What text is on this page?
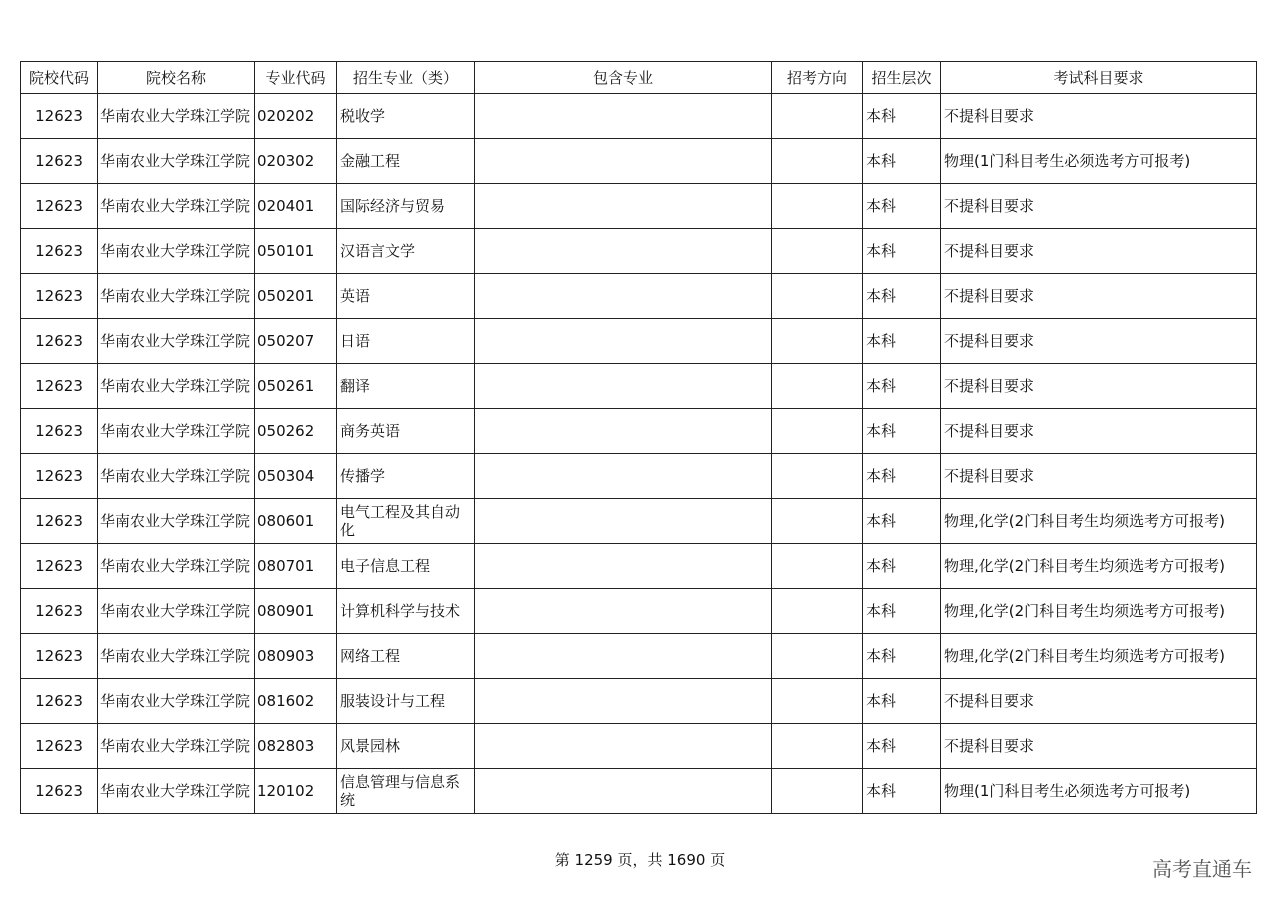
院校代码	院校名称	专业代码	招生专业（类）	包含专业	招考方向	招生层次	考试科目要求
12623	华南农业大学珠江学院	020202	税收学			本科	不提科目要求
12623	华南农业大学珠江学院	020302	金融工程			本科	物理(1门科目考生必须选考方可报考)
12623	华南农业大学珠江学院	020401	国际经济与贸易			本科	不提科目要求
12623	华南农业大学珠江学院	050101	汉语言文学			本科	不提科目要求
12623	华南农业大学珠江学院	050201	英语			本科	不提科目要求
12623	华南农业大学珠江学院	050207	日语			本科	不提科目要求
12623	华南农业大学珠江学院	050261	翻译			本科	不提科目要求
12623	华南农业大学珠江学院	050262	商务英语			本科	不提科目要求
12623	华南农业大学珠江学院	050304	传播学			本科	不提科目要求
12623	华南农业大学珠江学院	080601	电气工程及其自动化			本科	物理,化学(2门科目考生均须选考方可报考)
12623	华南农业大学珠江学院	080701	电子信息工程			本科	物理,化学(2门科目考生均须选考方可报考)
12623	华南农业大学珠江学院	080901	计算机科学与技术			本科	物理,化学(2门科目考生均须选考方可报考)
12623	华南农业大学珠江学院	080903	网络工程			本科	物理,化学(2门科目考生均须选考方可报考)
12623	华南农业大学珠江学院	081602	服装设计与工程			本科	不提科目要求
12623	华南农业大学珠江学院	082803	风景园林			本科	不提科目要求
12623	华南农业大学珠江学院	120102	信息管理与信息系统			本科	物理(1门科目考生必须选考方可报考)
第 1259 页，共 1690 页	高考直通车
